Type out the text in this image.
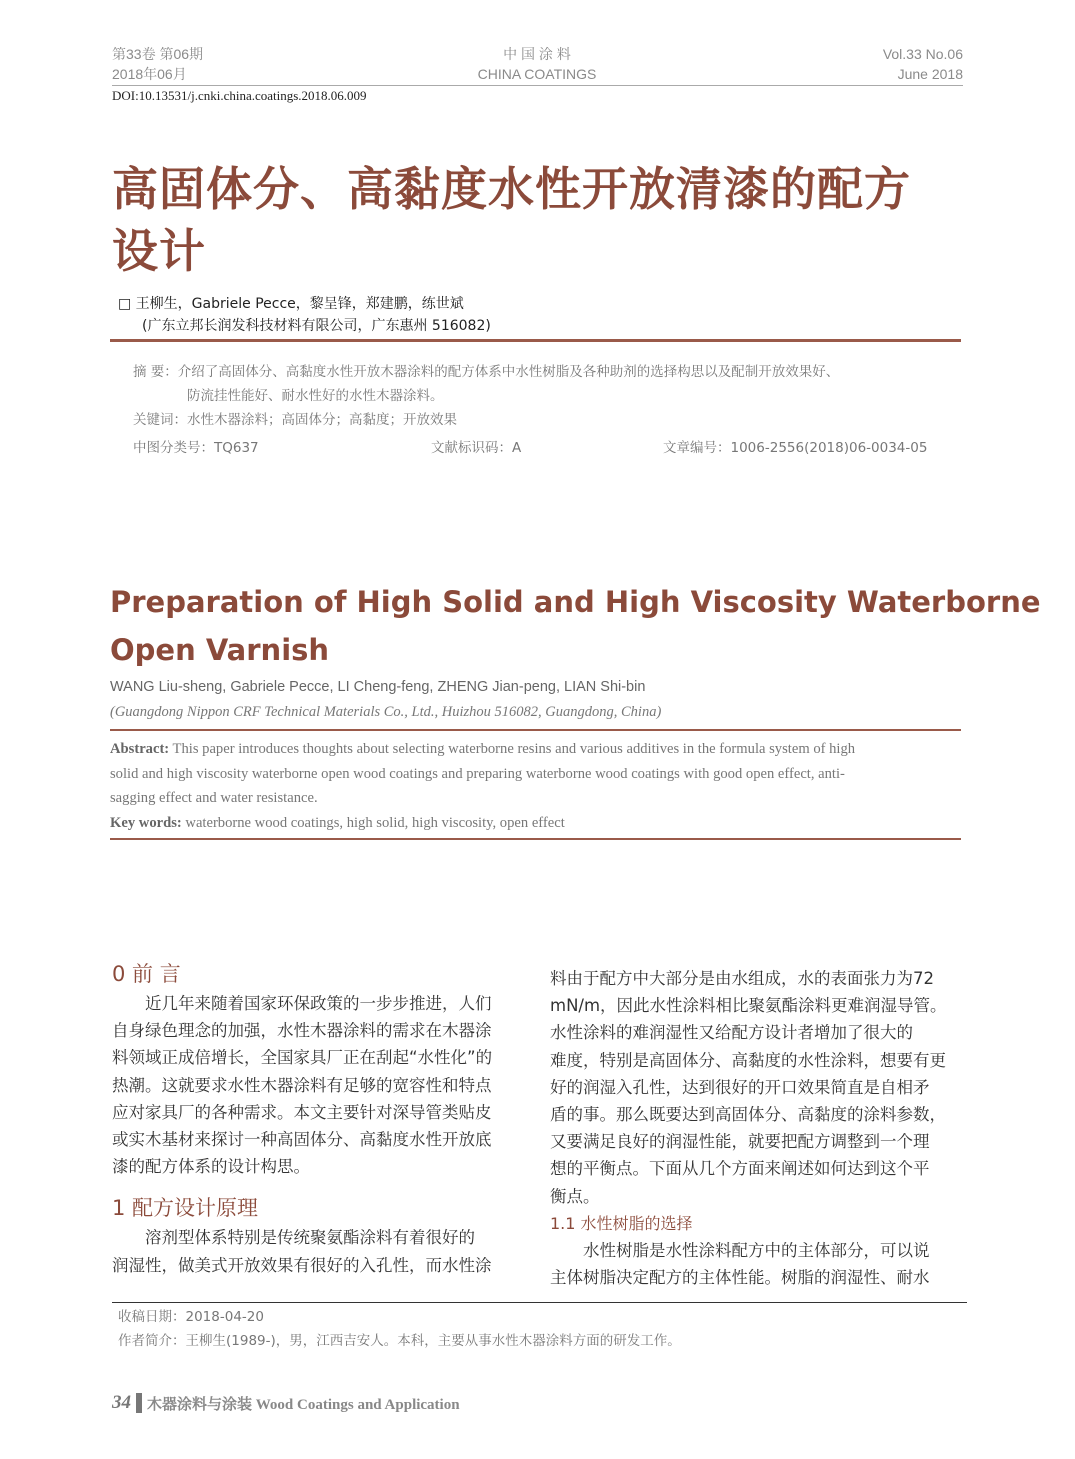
第33卷 第06期
2018年06月
中 国 涂 料
CHINA COATINGS
Vol.33 No.06
June 2018
DOI:10.13531/j.cnki.china.coatings.2018.06.009
高固体分、高黏度水性开放清漆的配方
设计
□ 王柳生，Gabriele Pecce，黎呈锋，郑建鹏，练世斌
(广东立邦长润发科技材料有限公司，广东惠州 516082)
摘 要：介绍了高固体分、高黏度水性开放木器涂料的配方体系中水性树脂及各种助剂的选择构思以及配制开放效果好、
防流挂性能好、耐水性好的水性木器涂料。
关键词：水性木器涂料；高固体分；高黏度；开放效果
中图分类号：TQ637	文献标识码：A	文章编号：1006-2556(2018)06-0034-05
Preparation of High Solid and High Viscosity Waterborne
Open Varnish
WANG Liu-sheng, Gabriele Pecce, LI Cheng-feng, ZHENG Jian-peng, LIAN Shi-bin
(Guangdong Nippon CRF Technical Materials Co., Ltd., Huizhou 516082, Guangdong, China)
Abstract: This paper introduces thoughts about selecting waterborne resins and various additives in the formula system of high
solid and high viscosity waterborne open wood coatings and preparing waterborne wood coatings with good open effect, anti-
sagging effect and water resistance.
Key words: waterborne wood coatings, high solid, high viscosity, open effect
0 前 言
　　近几年来随着国家环保政策的一步步推进，人们
自身绿色理念的加强，水性木器涂料的需求在木器涂
料领域正成倍增长，全国家具厂正在刮起“水性化”的
热潮。这就要求水性木器涂料有足够的宽容性和特点
应对家具厂的各种需求。本文主要针对深导管类贴皮
或实木基材来探讨一种高固体分、高黏度水性开放底
漆的配方体系的设计构思。
1 配方设计原理
　　溶剂型体系特别是传统聚氨酯涂料有着很好的
润湿性，做美式开放效果有很好的入孔性，而水性涂
料由于配方中大部分是由水组成，水的表面张力为72
mN/m，因此水性涂料相比聚氨酯涂料更难润湿导管。
水性涂料的难润湿性又给配方设计者增加了很大的
难度，特别是高固体分、高黏度的水性涂料，想要有更
好的润湿入孔性，达到很好的开口效果简直是自相矛
盾的事。那么既要达到高固体分、高黏度的涂料参数，
又要满足良好的润湿性能，就要把配方调整到一个理
想的平衡点。下面从几个方面来阐述如何达到这个平
衡点。
1.1 水性树脂的选择
　　水性树脂是水性涂料配方中的主体部分，可以说
主体树脂决定配方的主体性能。树脂的润湿性、耐水
收稿日期：2018-04-20
作者简介：王柳生(1989-)，男，江西吉安人。本科，主要从事水性木器涂料方面的研发工作。
34 木器涂料与涂装 Wood Coatings and Application
